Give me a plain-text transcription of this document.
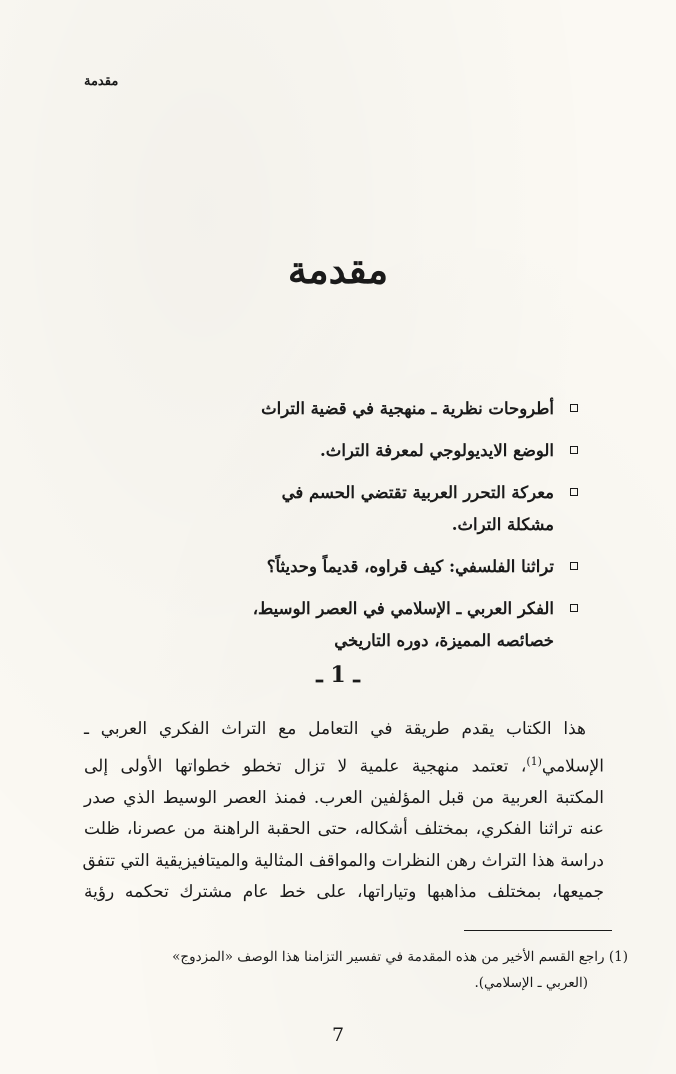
مقدمة
مقدمة
أطروحات نظرية ـ منهجية في قضية التراث
الوضع الايديولوجي لمعرفة التراث.
معركة التحرر العربية تقتضي الحسم في
مشكلة التراث.
تراثنا الفلسفي: كيف قراوه، قديماً وحديثاً؟
الفكر العربي ـ الإسلامي في العصر الوسيط،
خصائصه المميزة، دوره التاريخي
ـ 1 ـ
هذا الكتاب يقدم طريقة في التعامل مع التراث الفكري العربي ـ
الإسلامي$^{(1)}$، تعتمد منهجية علمية لا تزال تخطو خطواتها الأولى إلى
المكتبة العربية من قبل المؤلفين العرب. فمنذ العصر الوسيط الذي صدر
عنه تراثنا الفكري، بمختلف أشكاله، حتى الحقبة الراهنة من عصرنا، ظلت
دراسة هذا التراث رهن النظرات والمواقف المثالية والميتافيزيقية التي تتفق
جميعها، بمختلف مذاهبها وتياراتها، على خط عام مشترك تحكمه رؤية
(1) راجع القسم الأخير من هذه المقدمة في تفسير التزامنا هذا الوصف «المزدوج»
(العربي ـ الإسلامي).
7
